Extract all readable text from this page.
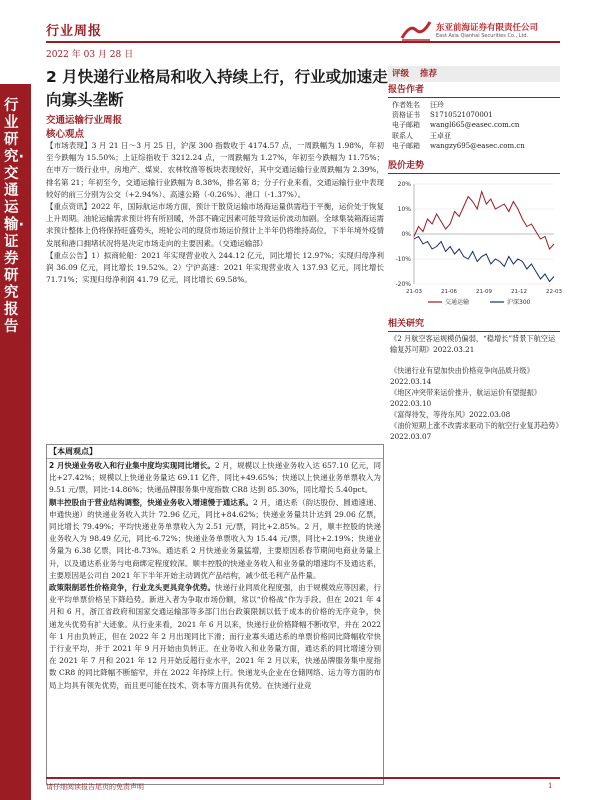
行业研究·交通运输·证券研究报告
行业周报
2022 年 03 月 28 日
东亚前海证券有限责任公司
East Asia Qianhai Securities Co., Ltd.
2 月快递行业格局和收入持续上行，行业或加速走向寡头垄断
交通运输行业周报
核心观点

【市场表现】3 月 21 日～3 月 25 日，沪深 300 指数收于 4174.57 点，一周跌幅为 1.98%，年初至今跌幅为 15.50%；上证综指收于 3212.24 点，一周跌幅为 1.27%，年初至今跌幅为 11.75%；在申万一级行业中，房地产、煤炭、农林牧渔等板块表现较好，其中交通运输行业周跌幅为 2.39%，排名第 21；年初至今，交通运输行业跌幅为 8.38%，排名第 8；分子行业来看，交通运输行业中表现较好的前三分别为公交（+2.94%）、高速公路（-0.26%）、港口（-1.37%）。

【重点资讯】2022 年，国际航运市场方面，预计干散货运输市场海运量供需趋于平衡，运价处于恢复上升周期。油轮运输需求预计将有所回暖，外部不确定因素可能导致运价波动加剧。全球集装箱海运需求预计整体上仍将保持旺盛势头，班轮公司的现货市场运价预计上半年仍将维持高位，下半年境外疫情发展和港口拥堵状况将是决定市场走向的主要因素。（交通运输部）

【重点公告】1）拟商轮船：2021 年实现营业收入 244.12 亿元，同比增长 12.97%；实现归母净利润 36.09 亿元，同比增长 19.52%。2）宁沪高速：2021 年实现营业收入 137.93 亿元，同比增长 71.71%；实现归母净利润 41.79 亿元，同比增长 69.58%。

【本周观点】

2 月快递业务收入和行业集中度均实现同比增长。2 月，规模以上快递业务收入达 657.10 亿元，同比+27.42%；规模以上快递业务量达 69.11 亿件，同比+49.65%；快递以上快递业务单票收入为 9.51 元/票，同比-14.86%；快递品牌服务集中度指数 CR8 达到 85.30%，同比增长 5.40pct。

顺丰控股由于营业结构调整，快递业务收入增速慢于通达系。2 月，通达系（韵达股份、圆通速递、申通快递）的快递业务收入共计 72.96 亿元，同比+84.62%；快递业务量共计达到 29.06 亿票，同比增长 79.49%；平均快递业务单票收入为 2.51 元/票，同比+2.85%。2 月，顺丰控股的快递业务收入为 98.49 亿元，同比-6.72%；快递业务单票收入为 15.44 元/票，同比+2.19%；快递业务量为 6.38 亿票，同比-8.73%。通达系 2 月快递业务量猛增，主要原因系春节期间电商业务量上升，以及通达系业务与电商绑定程度较深。顺丰控股的快递业务收入和业务量的增速均不及通达系，主要原因是公司自 2021 年下半年开始主动调优产品结构，减少低毛利产品件量。

政策限制恶性价格竞争，行业龙头更具竞争优势。快递行业同质化程度强，由于规模效应等因素，行业平均单票价格呈下降趋势。新进入者为争取市场份额，常以“价格战”作为手段。但在 2021 年 4 月和 6 月，浙江省政府和国家交通运输部等多部门出台政策限制以低于成本的价格的无序竞争，快递龙头优势有扩大迹象。从行业来看，2021 年 6 月以来，快递行业价格降幅不断收窄，并在 2022 年 1 月由负转正，但在 2022 年 2 月出现同比下滑；而行业寡头通达系的单票价格同比降幅收窄快于行业平均，并于 2021 年 9 月开始由负转正。在业务收入和业务量方面，通达系的同比增速分别在 2021 年 7 月和 2021 年 12 月开始反超行业水平，2021 年 2 月以来，快递品牌服务集中度指数 CR8 的同比降幅不断缩窄，并在 2022 年持续上行。快递龙头企业在仓储网络、运力等方面的布局上均具有领先优势，而且更可能在技术、资本等方面具有优势。在快递行业竞

评级 推荐
报告作者
作者姓名 汪玲
资格证书 S1710521070001
电子邮箱 wangl665@easec.com.cn
联系人 王卓亚
电子邮箱 wangzy695@easec.com.cn
股价走势
20%
10%
0%
-10%
-20%
21-03	21-06	21-09	21-12	22-03
交通运输	沪深300
相关研究
《2 月航空客运规模仍偏弱，“稳增长”背景下航空运输复苏可期》2022.03.21
《快递行业有望加快由价格竞争向品质升级》2022.03.14
《地区冲突带来运价推升，航运运价有望提振》2022.03.10
《富得待发，等待东风》2022.03.08
《油价短期上涨不改需求驱动下的航空行业复苏趋势》2022.03.07
请仔细阅读报告尾页的免责声明	1
